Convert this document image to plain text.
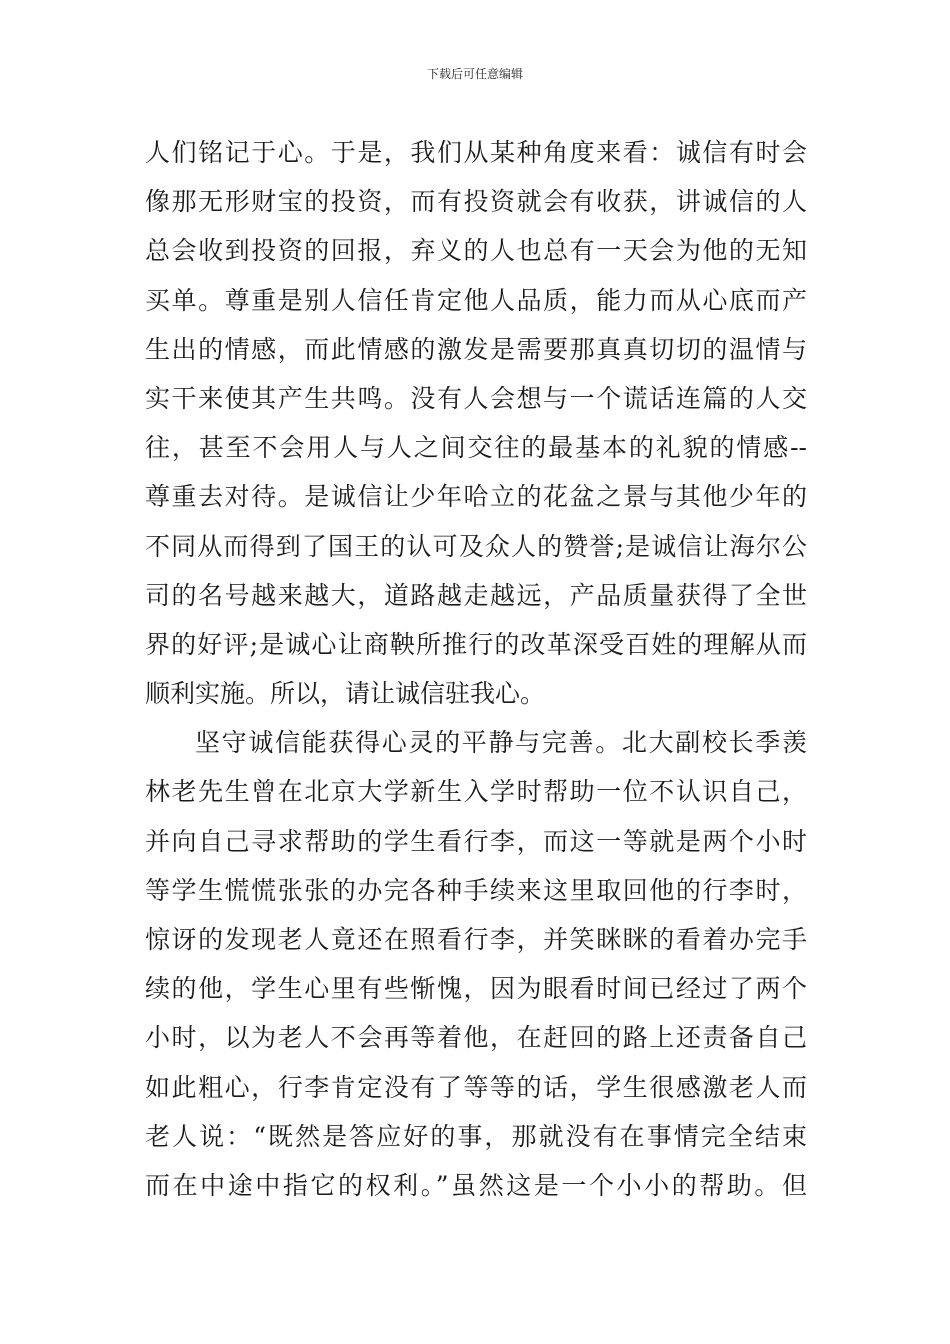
下载后可任意编辑
人们铭记于心。于是，我们从某种角度来看：诚信有时会
像那无形财宝的投资，而有投资就会有收获，讲诚信的人
总会收到投资的回报，弃义的人也总有一天会为他的无知
买单。尊重是别人信任肯定他人品质，能力而从心底而产
生出的情感，而此情感的激发是需要那真真切切的温情与
实干来使其产生共鸣。没有人会想与一个谎话连篇的人交
往，甚至不会用人与人之间交往的最基本的礼貌的情感--
尊重去对待。是诚信让少年哈立的花盆之景与其他少年的
不同从而得到了国王的认可及众人的赞誉;是诚信让海尔公
司的名号越来越大，道路越走越远，产品质量获得了全世
界的好评;是诚心让商鞅所推行的改革深受百姓的理解从而
顺利实施。所以，请让诚信驻我心。
坚守诚信能获得心灵的平静与完善。北大副校长季羡
林老先生曾在北京大学新生入学时帮助一位不认识自己，
并向自己寻求帮助的学生看行李，而这一等就是两个小时
等学生慌慌张张的办完各种手续来这里取回他的行李时，
惊讶的发现老人竟还在照看行李，并笑眯眯的看着办完手
续的他，学生心里有些惭愧，因为眼看时间已经过了两个
小时，以为老人不会再等着他，在赶回的路上还责备自己
如此粗心，行李肯定没有了等等的话，学生很感激老人而
老人说：“既然是答应好的事，那就没有在事情完全结束
而在中途中指它的权利。”虽然这是一个小小的帮助。但
